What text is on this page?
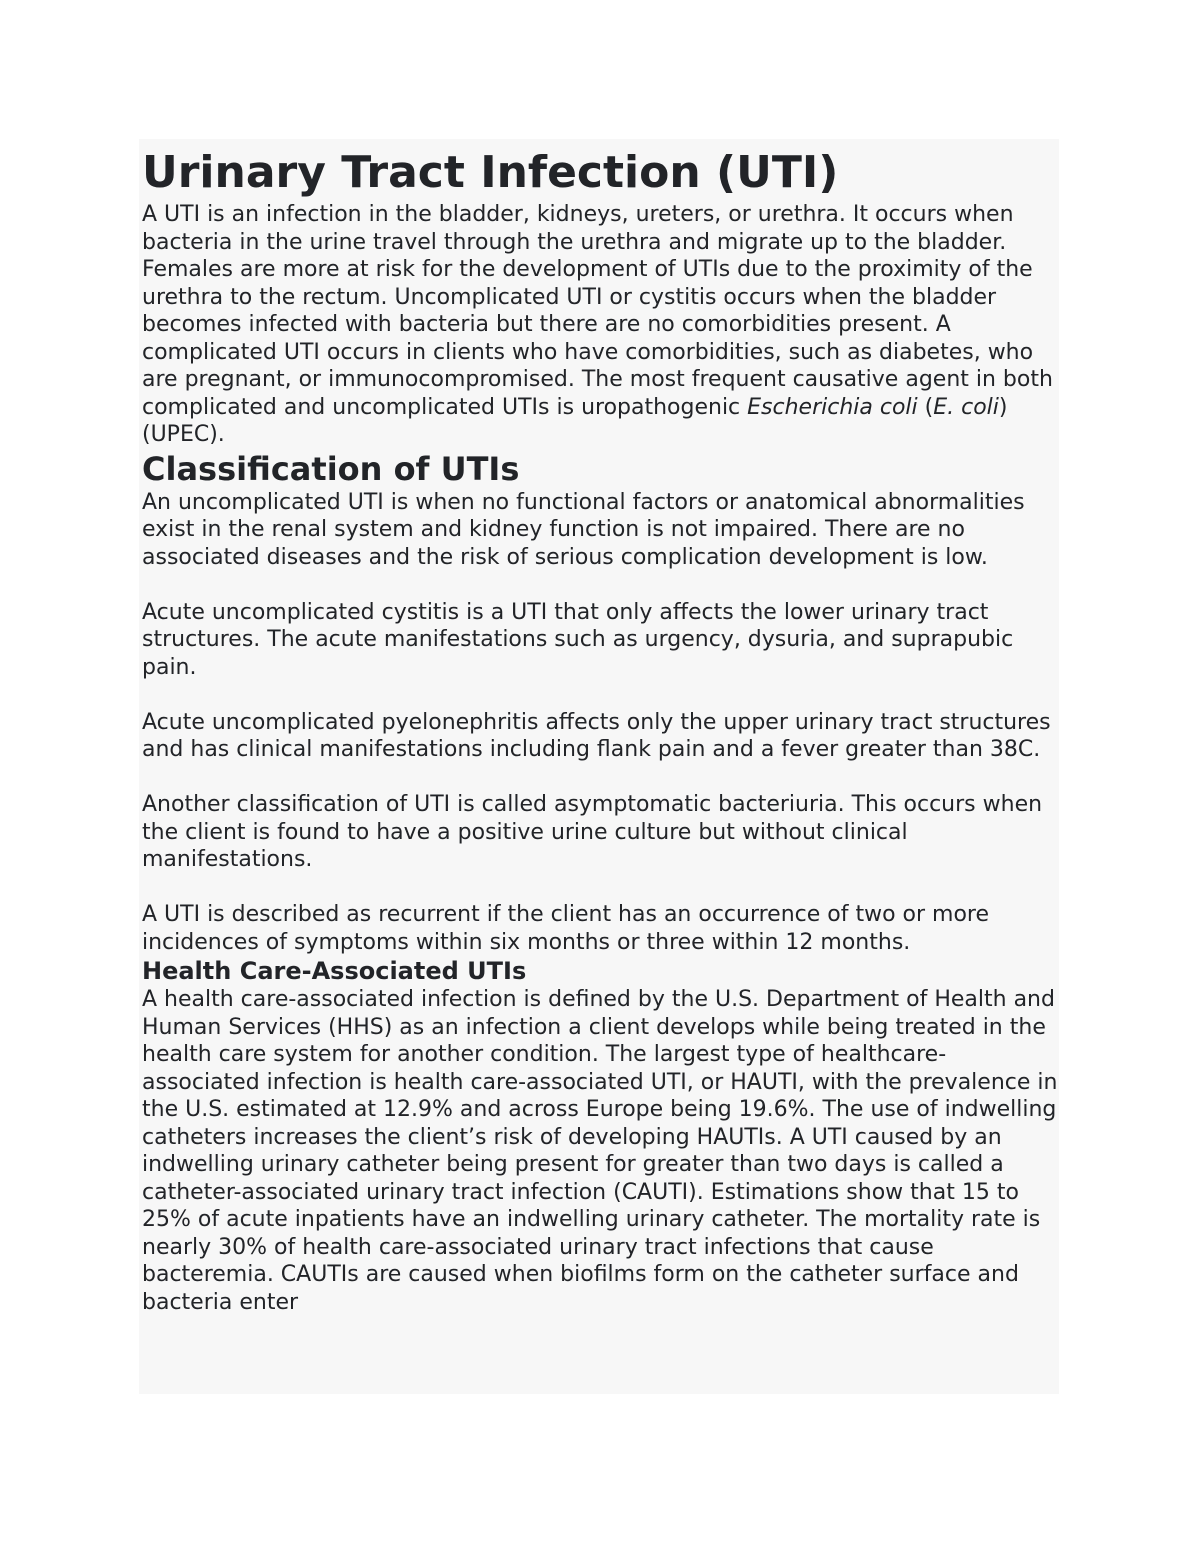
Urinary Tract Infection (UTI)

A UTI is an infection in the bladder, kidneys, ureters, or urethra. It occurs when bacteria in the urine travel through the urethra and migrate up to the bladder. Females are more at risk for the development of UTIs due to the proximity of the urethra to the rectum. Uncomplicated UTI or cystitis occurs when the bladder becomes infected with bacteria but there are no comorbidities present. A complicated UTI occurs in clients who have comorbidities, such as diabetes, who are pregnant, or immunocompromised. The most frequent causative agent in both complicated and uncomplicated UTIs is uropathogenic Escherichia coli (E. coli) (UPEC).

Classification of UTIs

An uncomplicated UTI is when no functional factors or anatomical abnormalities exist in the renal system and kidney function is not impaired. There are no associated diseases and the risk of serious complication development is low.

Acute uncomplicated cystitis is a UTI that only affects the lower urinary tract structures. The acute manifestations such as urgency, dysuria, and suprapubic pain.

Acute uncomplicated pyelonephritis affects only the upper urinary tract structures and has clinical manifestations including flank pain and a fever greater than 38C.

Another classification of UTI is called asymptomatic bacteriuria. This occurs when the client is found to have a positive urine culture but without clinical manifestations.

A UTI is described as recurrent if the client has an occurrence of two or more incidences of symptoms within six months or three within 12 months.

Health Care-Associated UTIs

A health care-associated infection is defined by the U.S. Department of Health and Human Services (HHS) as an infection a client develops while being treated in the health care system for another condition. The largest type of healthcare-associated infection is health care-associated UTI, or HAUTI, with the prevalence in the U.S. estimated at 12.9% and across Europe being 19.6%. The use of indwelling catheters increases the client’s risk of developing HAUTIs. A UTI caused by an indwelling urinary catheter being present for greater than two days is called a catheter-associated urinary tract infection (CAUTI). Estimations show that 15 to 25% of acute inpatients have an indwelling urinary catheter. The mortality rate is nearly 30% of health care-associated urinary tract infections that cause bacteremia. CAUTIs are caused when biofilms form on the catheter surface and bacteria enter
